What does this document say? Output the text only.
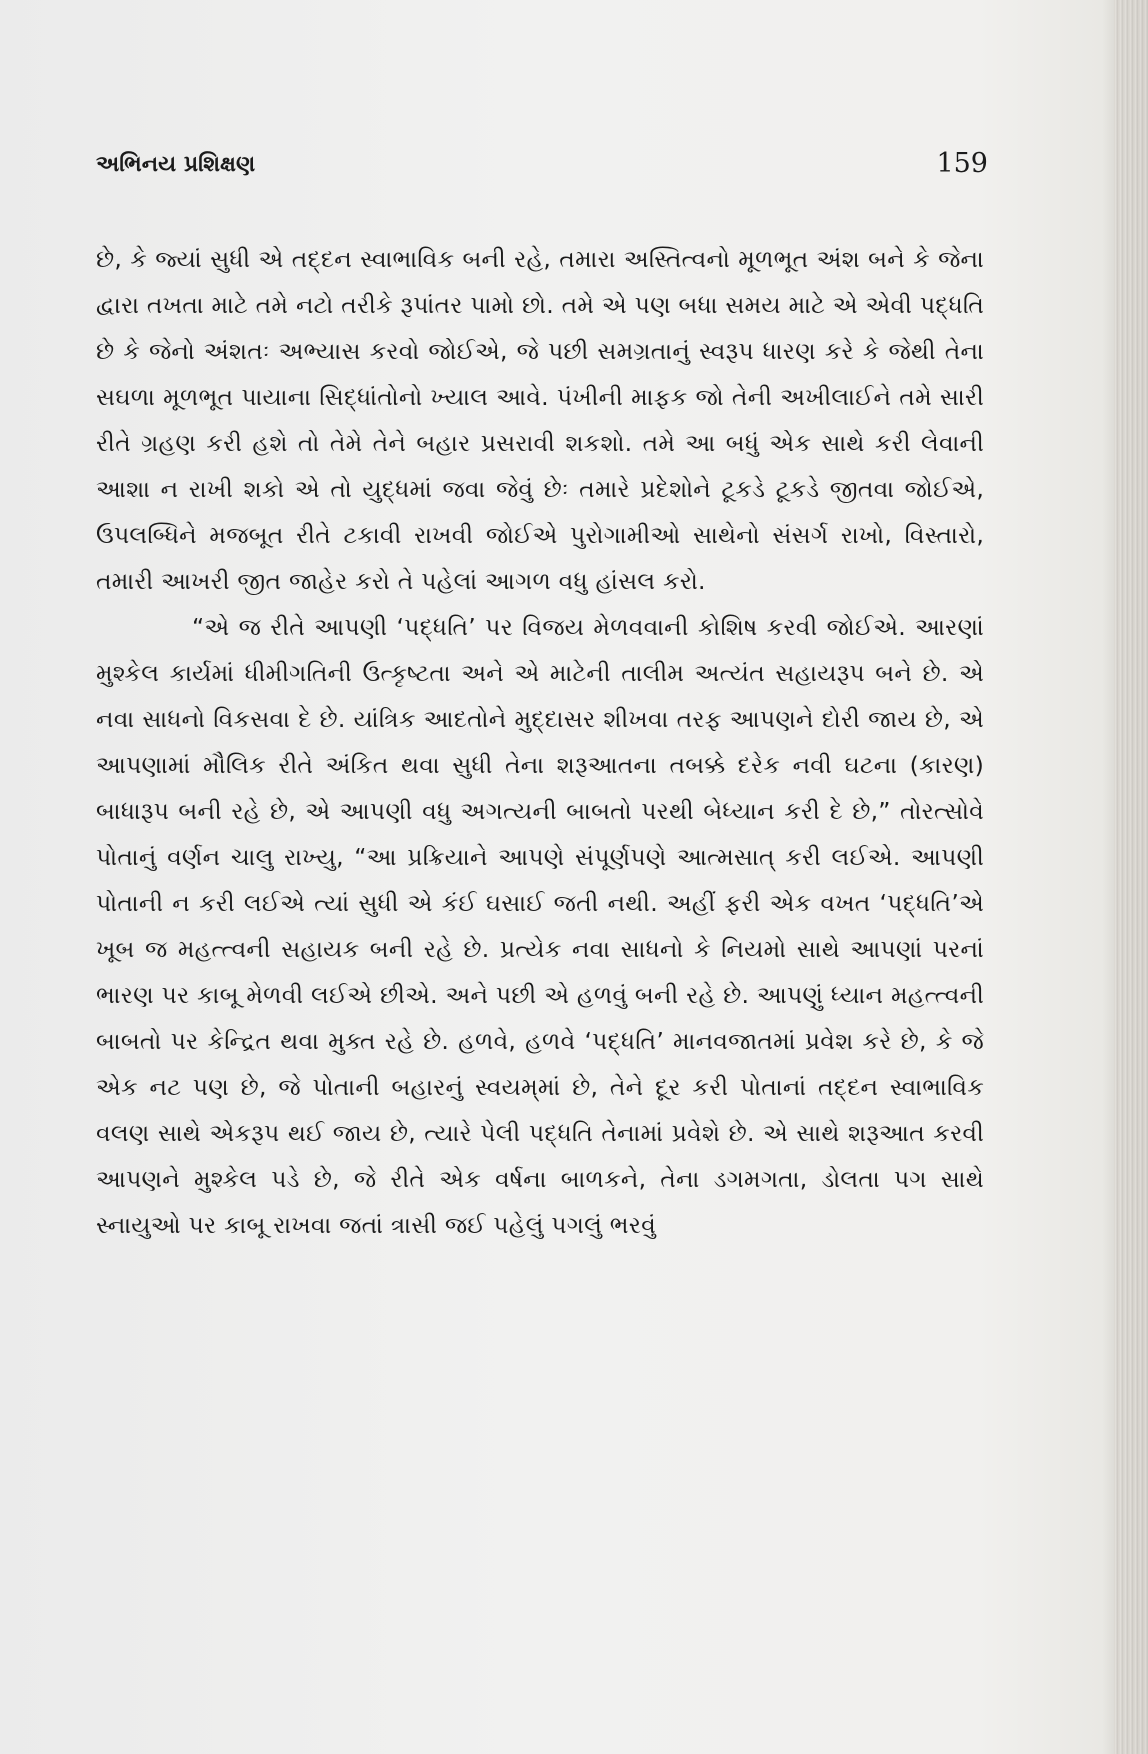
અભિનય પ્રશિક્ષણ	159

છે, કે જ્યાં સુધી એ તદ્દન સ્વાભાવિક બની રહે, તમારા અસ્તિત્વનો મૂળભૂત અંશ બને કે જેના દ્વારા તખતા માટે તમે નટો તરીકે રૂપાંતર પામો છો. તમે એ પણ બધા સમય માટે એ એવી પદ્ધતિ છે કે જેનો અંશતઃ અભ્યાસ કરવો જોઈએ, જે પછી સમગ્રતાનું સ્વરૂપ ધારણ કરે કે જેથી તેના સઘળા મૂળભૂત પાયાના સિદ્ધાંતોનો ખ્યાલ આવે. પંખીની માફક જો તેની અખીલાઈને તમે સારી રીતે ગ્રહણ કરી હશે તો તેમે તેને બહાર પ્રસરાવી શકશો. તમે આ બધું એક સાથે કરી લેવાની આશા ન રાખી શકો એ તો યુદ્ધમાં જવા જેવું છેઃ તમારે પ્રદેશોને ટૂકડે ટૂકડે જીતવા જોઈએ, ઉપલબ્ધિને મજબૂત રીતે ટકાવી રાખવી જોઈએ પુરોગામીઓ સાથેનો સંસર્ગ રાખો, વિસ્તારો, તમારી આખરી જીત જાહેર કરો તે પહેલાં આગળ વધુ હાંસલ કરો.

“એ જ રીતે આપણી ‘પદ્ધતિ’ પર વિજય મેળવવાની કોશિષ કરવી જોઈએ. આરણાં મુશ્કેલ કાર્યમાં ધીમીગતિની ઉત્કૃષ્ટતા અને એ માટેની તાલીમ અત્યંત સહાયરૂપ બને છે. એ નવા સાધનો વિકસવા દે છે. યાંત્રિક આદતોને મુદ્દાસર શીખવા તરફ આપણને દોરી જાય છે, એ આપણામાં મૌલિક રીતે અંકિત થવા સુધી તેના શરૂઆતના તબક્કે દરેક નવી ઘટના (કારણ) બાધારૂપ બની રહે છે, એ આપણી વધુ અગત્યની બાબતો પરથી બેધ્યાન કરી દે છે,” તોરત્સોવે પોતાનું વર્ણન ચાલુ રાખ્યુ, “આ પ્રક્રિયાને આપણે સંપૂર્ણપણે આત્મસાત્ કરી લઈએ. આપણી પોતાની ન કરી લઈએ ત્યાં સુધી એ કંઈ ઘસાઈ જતી નથી. અહીં ફરી એક વખત ‘પદ્ધતિ’એ ખૂબ જ મહત્ત્વની સહાયક બની રહે છે. પ્રત્યેક નવા સાધનો કે નિયમો સાથે આપણાં પરનાં ભારણ પર કાબૂ મેળવી લઈએ છીએ. અને પછી એ હળવું બની રહે છે. આપણું ધ્યાન મહત્ત્વની બાબતો પર કેન્દ્રિત થવા મુક્ત રહે છે. હળવે, હળવે ‘પદ્ધતિ’ માનવજાતમાં પ્રવેશ કરે છે, કે જે એક નટ પણ છે, જે પોતાની બહારનું સ્વયમ્‌માં છે, તેને દૂર કરી પોતાનાં તદ્દન સ્વાભાવિક વલણ સાથે એકરૂપ થઈ જાય છે, ત્યારે પેલી પદ્ધતિ તેનામાં પ્રવેશે છે. એ સાથે શરૂઆત કરવી આપણને મુશ્કેલ પડે છે, જે રીતે એક વર્ષના બાળકને, તેના ડગમગતા, ડોલતા પગ સાથે સ્નાયુઓ પર કાબૂ રાખવા જતાં ત્રાસી જઈ પહેલું પગલું ભરવું
